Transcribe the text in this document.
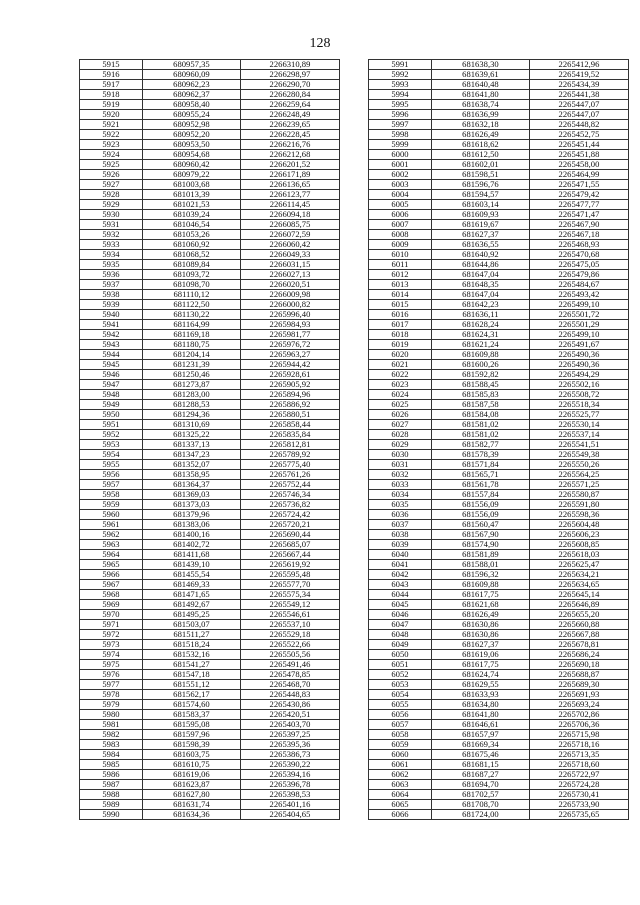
128
5915	680957,35	2266310,89
5916	680960,09	2266298,97
5917	680962,23	2266290,70
5918	680962,37	2266280,84
5919	680958,40	2266259,64
5920	680955,24	2266248,49
5921	680952,98	2266239,65
5922	680952,20	2266228,45
5923	680953,50	2266216,76
5924	680954,68	2266212,68
5925	680960,42	2266201,52
5926	680979,22	2266171,89
5927	681003,68	2266136,65
5928	681013,39	2266123,77
5929	681021,53	2266114,45
5930	681039,24	2266094,18
5931	681046,54	2266085,75
5932	681053,26	2266072,59
5933	681060,92	2266060,42
5934	681068,52	2266049,33
5935	681089,84	2266031,15
5936	681093,72	2266027,13
5937	681098,70	2266020,51
5938	681110,12	2266009,98
5939	681122,50	2266000,82
5940	681130,22	2265996,40
5941	681164,99	2265984,93
5942	681169,18	2265981,77
5943	681180,75	2265976,72
5944	681204,14	2265963,27
5945	681231,39	2265944,42
5946	681250,46	2265928,61
5947	681273,87	2265905,92
5948	681283,00	2265894,96
5949	681288,53	2265886,92
5950	681294,36	2265880,51
5951	681310,69	2265858,44
5952	681325,22	2265835,84
5953	681337,13	2265812,81
5954	681347,23	2265789,92
5955	681352,07	2265775,40
5956	681358,95	2265761,26
5957	681364,37	2265752,44
5958	681369,03	2265746,34
5959	681373,03	2265736,82
5960	681379,96	2265724,42
5961	681383,06	2265720,21
5962	681400,16	2265690,44
5963	681402,72	2265685,07
5964	681411,68	2265667,44
5965	681439,10	2265619,92
5966	681455,54	2265595,48
5967	681469,33	2265577,70
5968	681471,65	2265575,34
5969	681492,67	2265549,12
5970	681495,25	2265546,61
5971	681503,07	2265537,10
5972	681511,27	2265529,18
5973	681518,24	2265522,66
5974	681532,16	2265505,56
5975	681541,27	2265491,46
5976	681547,18	2265478,85
5977	681551,12	2265468,70
5978	681562,17	2265448,83
5979	681574,60	2265430,86
5980	681583,37	2265420,51
5981	681595,08	2265403,70
5982	681597,96	2265397,25
5983	681598,39	2265395,36
5984	681603,75	2265386,73
5985	681610,75	2265390,22
5986	681619,06	2265394,16
5987	681623,87	2265396,78
5988	681627,80	2265398,53
5989	681631,74	2265401,16
5990	681634,36	2265404,65
5991	681638,30	2265412,96
5992	681639,61	2265419,52
5993	681640,48	2265434,39
5994	681641,80	2265441,38
5995	681638,74	2265447,07
5996	681636,99	2265447,07
5997	681632,18	2265448,82
5998	681626,49	2265452,75
5999	681618,62	2265451,44
6000	681612,50	2265451,88
6001	681602,01	2265458,00
6002	681598,51	2265464,99
6003	681596,76	2265471,55
6004	681594,57	2265479,42
6005	681603,14	2265477,77
6006	681609,93	2265471,47
6007	681619,67	2265467,90
6008	681627,37	2265467,18
6009	681636,55	2265468,93
6010	681640,92	2265470,68
6011	681644,86	2265475,05
6012	681647,04	2265479,86
6013	681648,35	2265484,67
6014	681647,04	2265493,42
6015	681642,23	2265499,10
6016	681636,11	2265501,72
6017	681628,24	2265501,29
6018	681624,31	2265499,10
6019	681621,24	2265491,67
6020	681609,88	2265490,36
6021	681600,26	2265490,36
6022	681592,82	2265494,29
6023	681588,45	2265502,16
6024	681585,83	2265508,72
6025	681587,58	2265518,34
6026	681584,08	2265525,77
6027	681581,02	2265530,14
6028	681581,02	2265537,14
6029	681582,77	2265541,51
6030	681578,39	2265549,38
6031	681571,84	2265550,26
6032	681565,71	2265564,25
6033	681561,78	2265571,25
6034	681557,84	2265580,87
6035	681556,09	2265591,80
6036	681556,09	2265598,36
6037	681560,47	2265604,48
6038	681567,90	2265606,23
6039	681574,90	2265608,85
6040	681581,89	2265618,03
6041	681588,01	2265625,47
6042	681596,32	2265634,21
6043	681609,88	2265634,65
6044	681617,75	2265645,14
6045	681621,68	2265646,89
6046	681626,49	2265655,20
6047	681630,86	2265660,88
6048	681630,86	2265667,88
6049	681627,37	2265678,81
6050	681619,06	2265686,24
6051	681617,75	2265690,18
6052	681624,74	2265688,87
6053	681629,55	2265689,30
6054	681633,93	2265691,93
6055	681634,80	2265693,24
6056	681641,80	2265702,86
6057	681646,61	2265706,36
6058	681657,97	2265715,98
6059	681669,34	2265718,16
6060	681675,46	2265713,35
6061	681681,15	2265718,60
6062	681687,27	2265722,97
6063	681694,70	2265724,28
6064	681702,57	2265730,41
6065	681708,70	2265733,90
6066	681724,00	2265735,65
